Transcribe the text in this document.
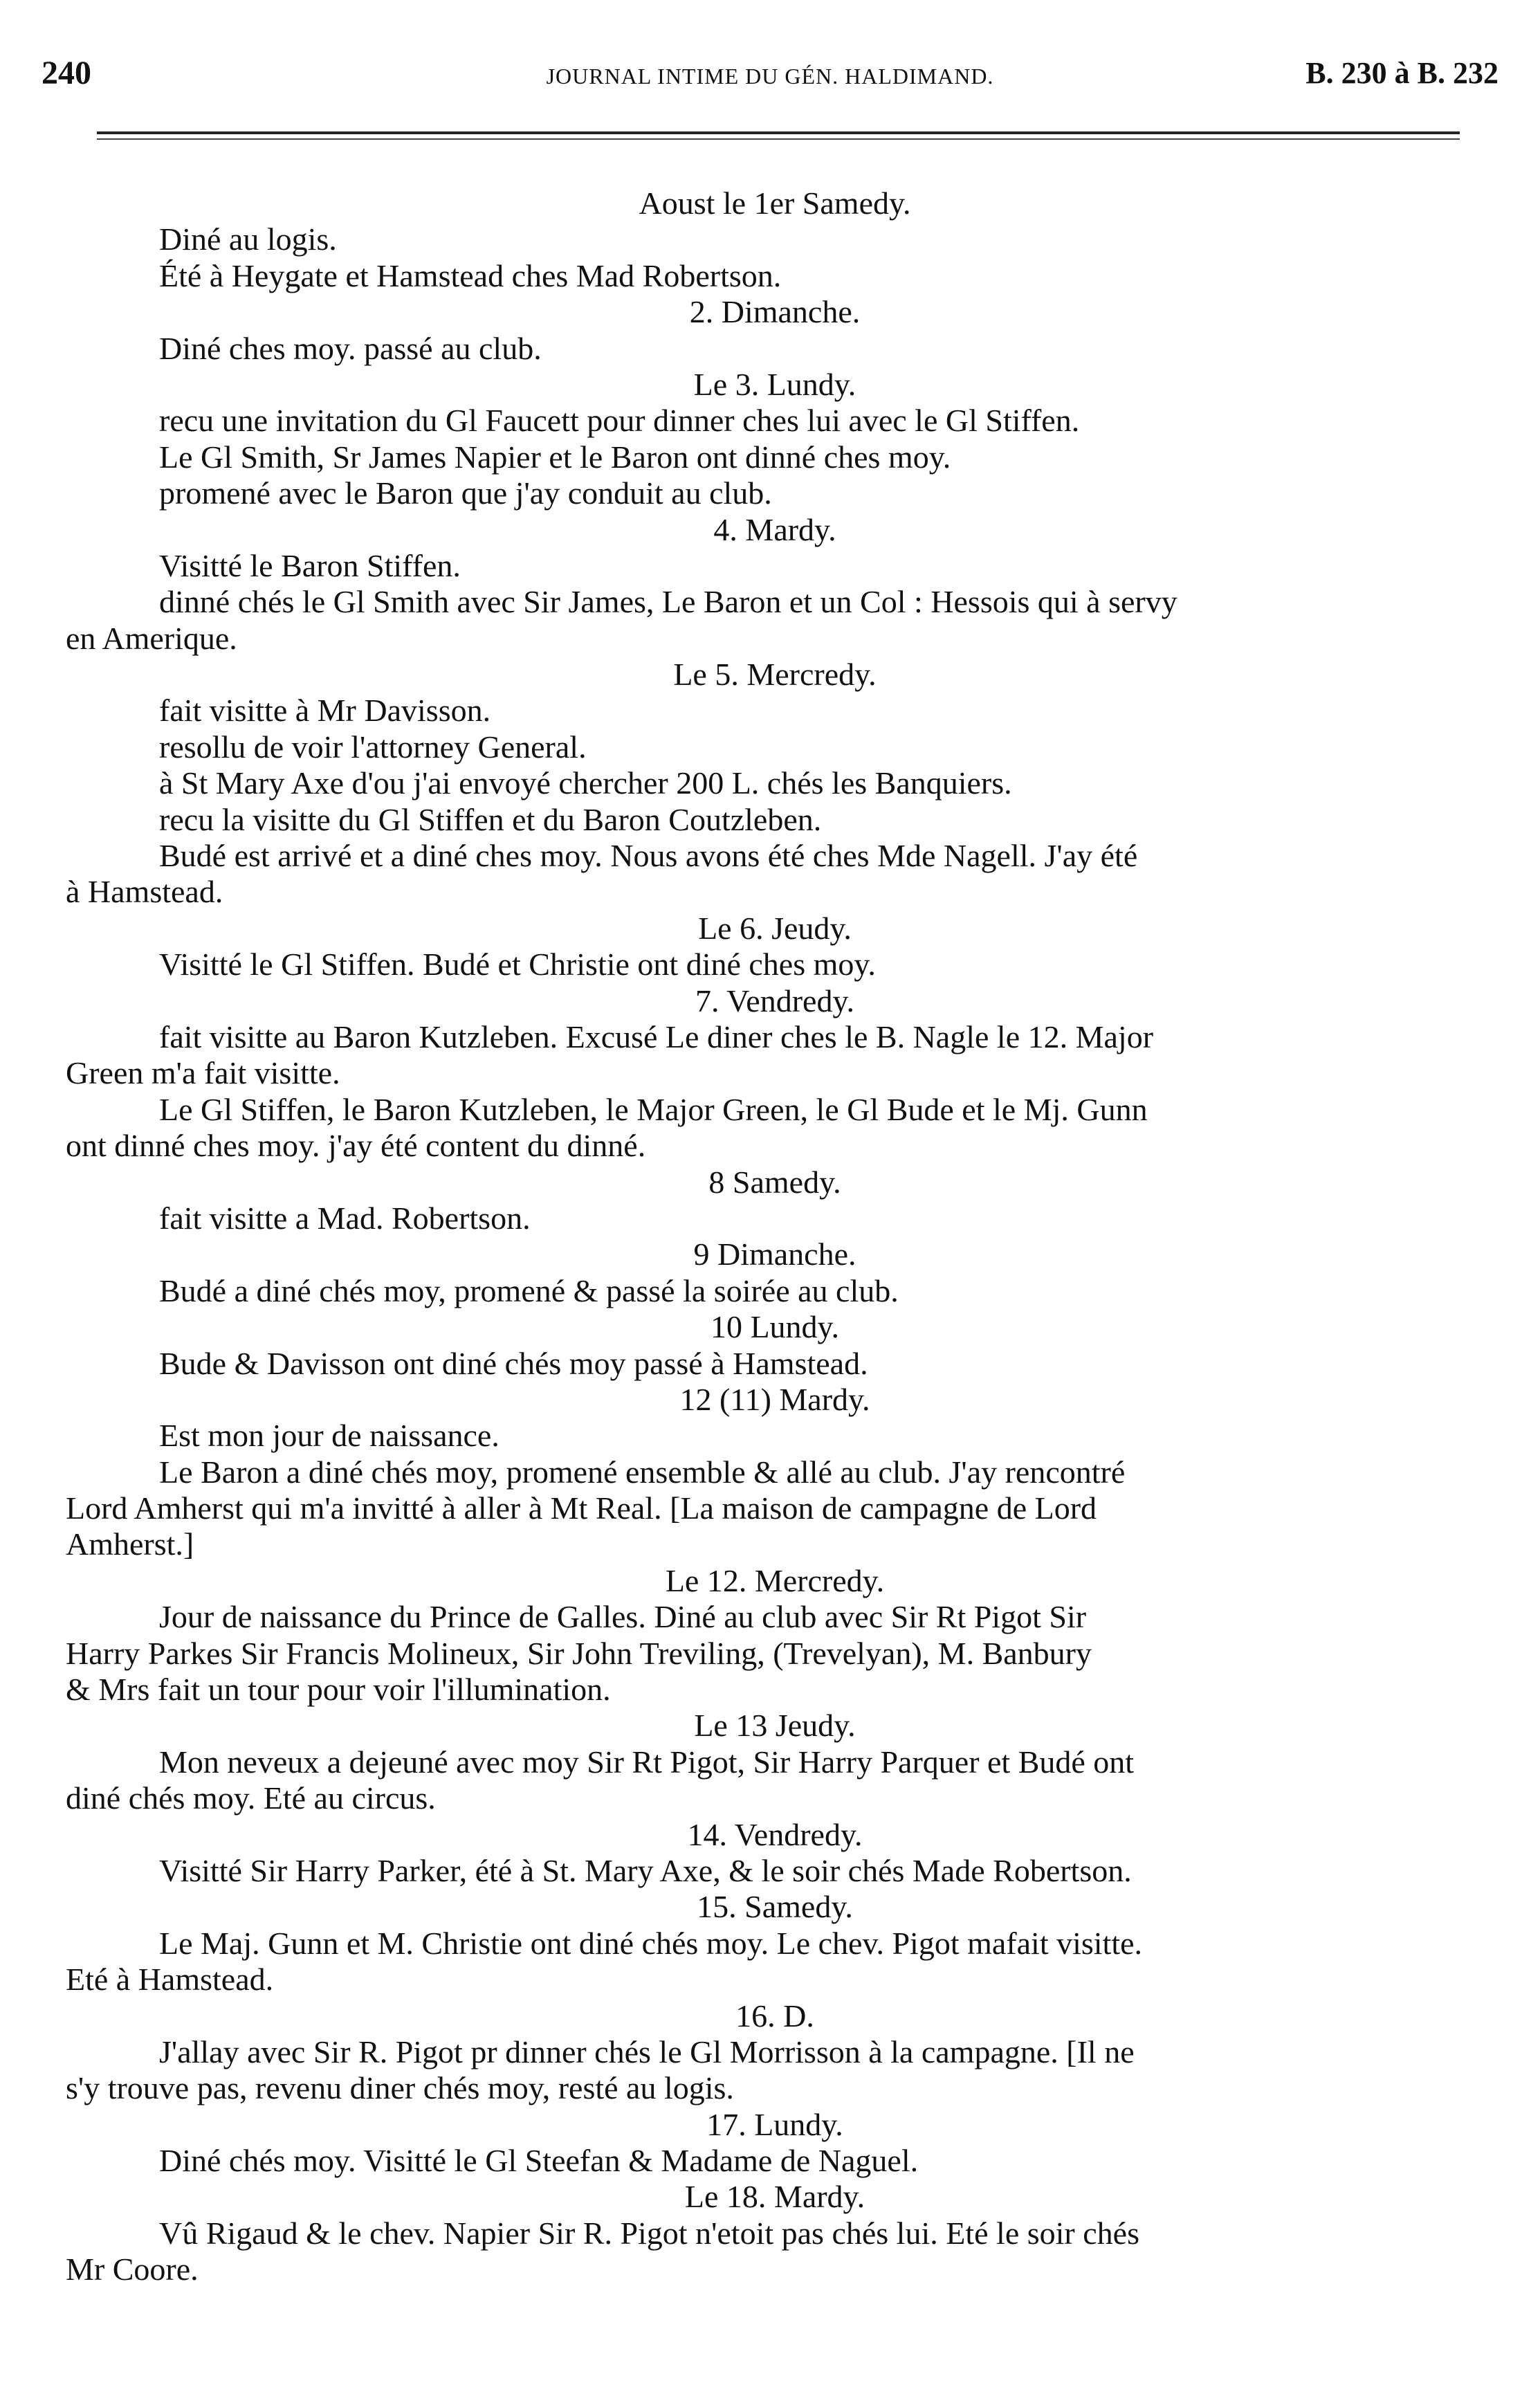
240	JOURNAL INTIME DU GÉN. HALDIMAND.	B. 230 à B. 232
Aoust le 1er Samedy.
Diné au logis.
Été à Heygate et Hamstead ches Mad Robertson.
2. Dimanche.
Diné ches moy. passé au club.
Le 3. Lundy.
recu une invitation du Gl Faucett pour dinner ches lui avec le Gl Stiffen.
Le Gl Smith, Sr James Napier et le Baron ont dinné ches moy.
promené avec le Baron que j'ay conduit au club.
4. Mardy.
Visitté le Baron Stiffen.
dinné chés le Gl Smith avec Sir James, Le Baron et un Col : Hessois qui à servy
en Amerique.
Le 5. Mercredy.
fait visitte à Mr Davisson.
resollu de voir l'attorney General.
à St Mary Axe d'ou j'ai envoyé chercher 200 L. chés les Banquiers.
recu la visitte du Gl Stiffen et du Baron Coutzleben.
Budé est arrivé et a diné ches moy. Nous avons été ches Mde Nagell. J'ay été
à Hamstead.
Le 6. Jeudy.
Visitté le Gl Stiffen. Budé et Christie ont diné ches moy.
7. Vendredy.
fait visitte au Baron Kutzleben. Excusé Le diner ches le B. Nagle le 12. Major
Green m'a fait visitte.
Le Gl Stiffen, le Baron Kutzleben, le Major Green, le Gl Bude et le Mj. Gunn
ont dinné ches moy. j'ay été content du dinné.
8 Samedy.
fait visitte a Mad. Robertson.
9 Dimanche.
Budé a diné chés moy, promené & passé la soirée au club.
10 Lundy.
Bude & Davisson ont diné chés moy passé à Hamstead.
12 (11) Mardy.
Est mon jour de naissance.
Le Baron a diné chés moy, promené ensemble & allé au club. J'ay rencontré
Lord Amherst qui m'a invitté à aller à Mt Real. [La maison de campagne de Lord
Amherst.]
Le 12. Mercredy.
Jour de naissance du Prince de Galles. Diné au club avec Sir Rt Pigot Sir
Harry Parkes Sir Francis Molineux, Sir John Treviling, (Trevelyan), M. Banbury
& Mrs fait un tour pour voir l'illumination.
Le 13 Jeudy.
Mon neveux a dejeuné avec moy Sir Rt Pigot, Sir Harry Parquer et Budé ont
diné chés moy. Eté au circus.
14. Vendredy.
Visitté Sir Harry Parker, été à St. Mary Axe, & le soir chés Made Robertson.
15. Samedy.
Le Maj. Gunn et M. Christie ont diné chés moy. Le chev. Pigot mafait visitte.
Eté à Hamstead.
16. D.
J'allay avec Sir R. Pigot pr dinner chés le Gl Morrisson à la campagne. [Il ne
s'y trouve pas, revenu diner chés moy, resté au logis.
17. Lundy.
Diné chés moy. Visitté le Gl Steefan & Madame de Naguel.
Le 18. Mardy.
Vû Rigaud & le chev. Napier Sir R. Pigot n'etoit pas chés lui. Eté le soir chés
Mr Coore.
